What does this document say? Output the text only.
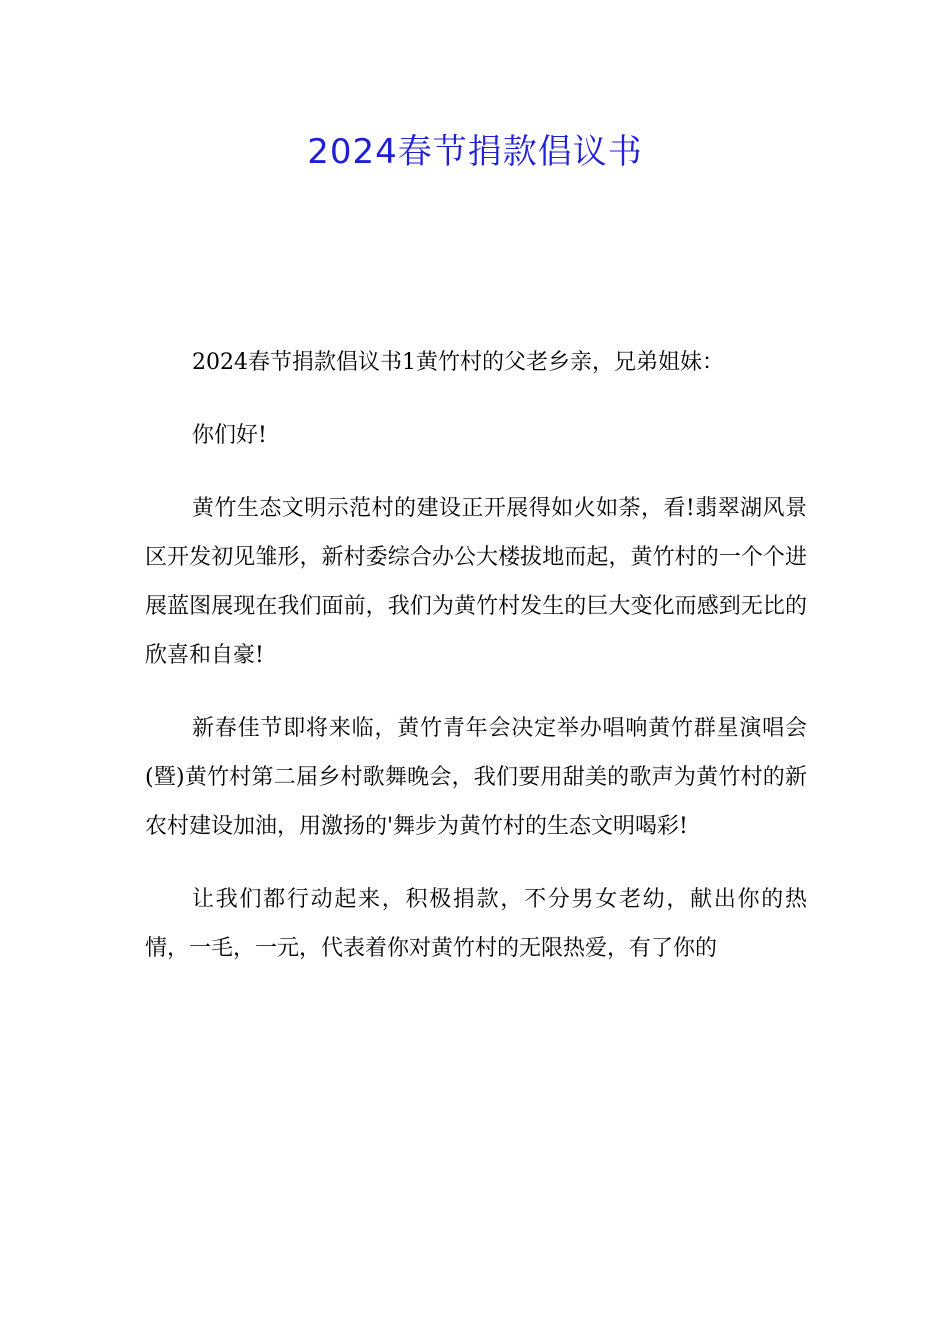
2024春节捐款倡议书

2024春节捐款倡议书1黄竹村的父老乡亲，兄弟姐妹：

你们好!

黄竹生态文明示范村的建设正开展得如火如荼，看!翡翠湖风景区开发初见雏形，新村委综合办公大楼拔地而起，黄竹村的一个个进展蓝图展现在我们面前，我们为黄竹村发生的巨大变化而感到无比的欣喜和自豪!

新春佳节即将来临，黄竹青年会决定举办唱响黄竹群星演唱会(暨)黄竹村第二届乡村歌舞晚会，我们要用甜美的歌声为黄竹村的新农村建设加油，用激扬的'舞步为黄竹村的生态文明喝彩!

让我们都行动起来，积极捐款，不分男女老幼，献出你的热情，一毛，一元，代表着你对黄竹村的无限热爱，有了你的
